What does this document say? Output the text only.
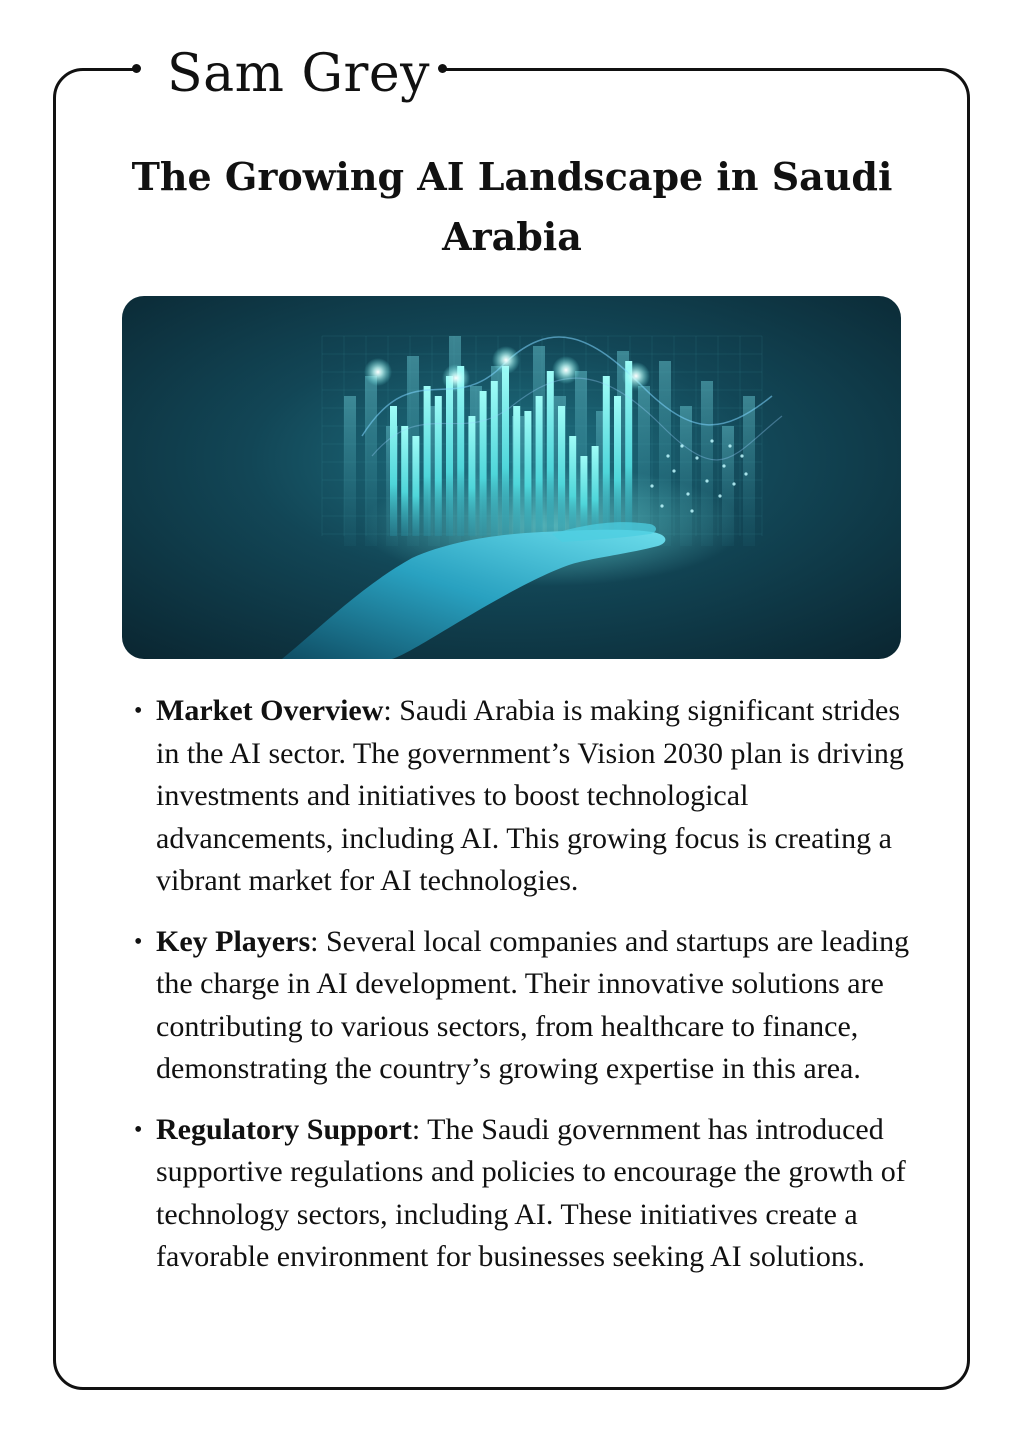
Sam Grey
The Growing AI Landscape in Saudi Arabia
• Market Overview: Saudi Arabia is making significant strides in the AI sector. The government’s Vision 2030 plan is driving investments and initiatives to boost technological advancements, including AI. This growing focus is creating a vibrant market for AI technologies.
• Key Players: Several local companies and startups are leading the charge in AI development. Their innovative solutions are contributing to various sectors, from healthcare to finance, demonstrating the country’s growing expertise in this area.
• Regulatory Support: The Saudi government has introduced supportive regulations and policies to encourage the growth of technology sectors, including AI. These initiatives create a favorable environment for businesses seeking AI solutions.
